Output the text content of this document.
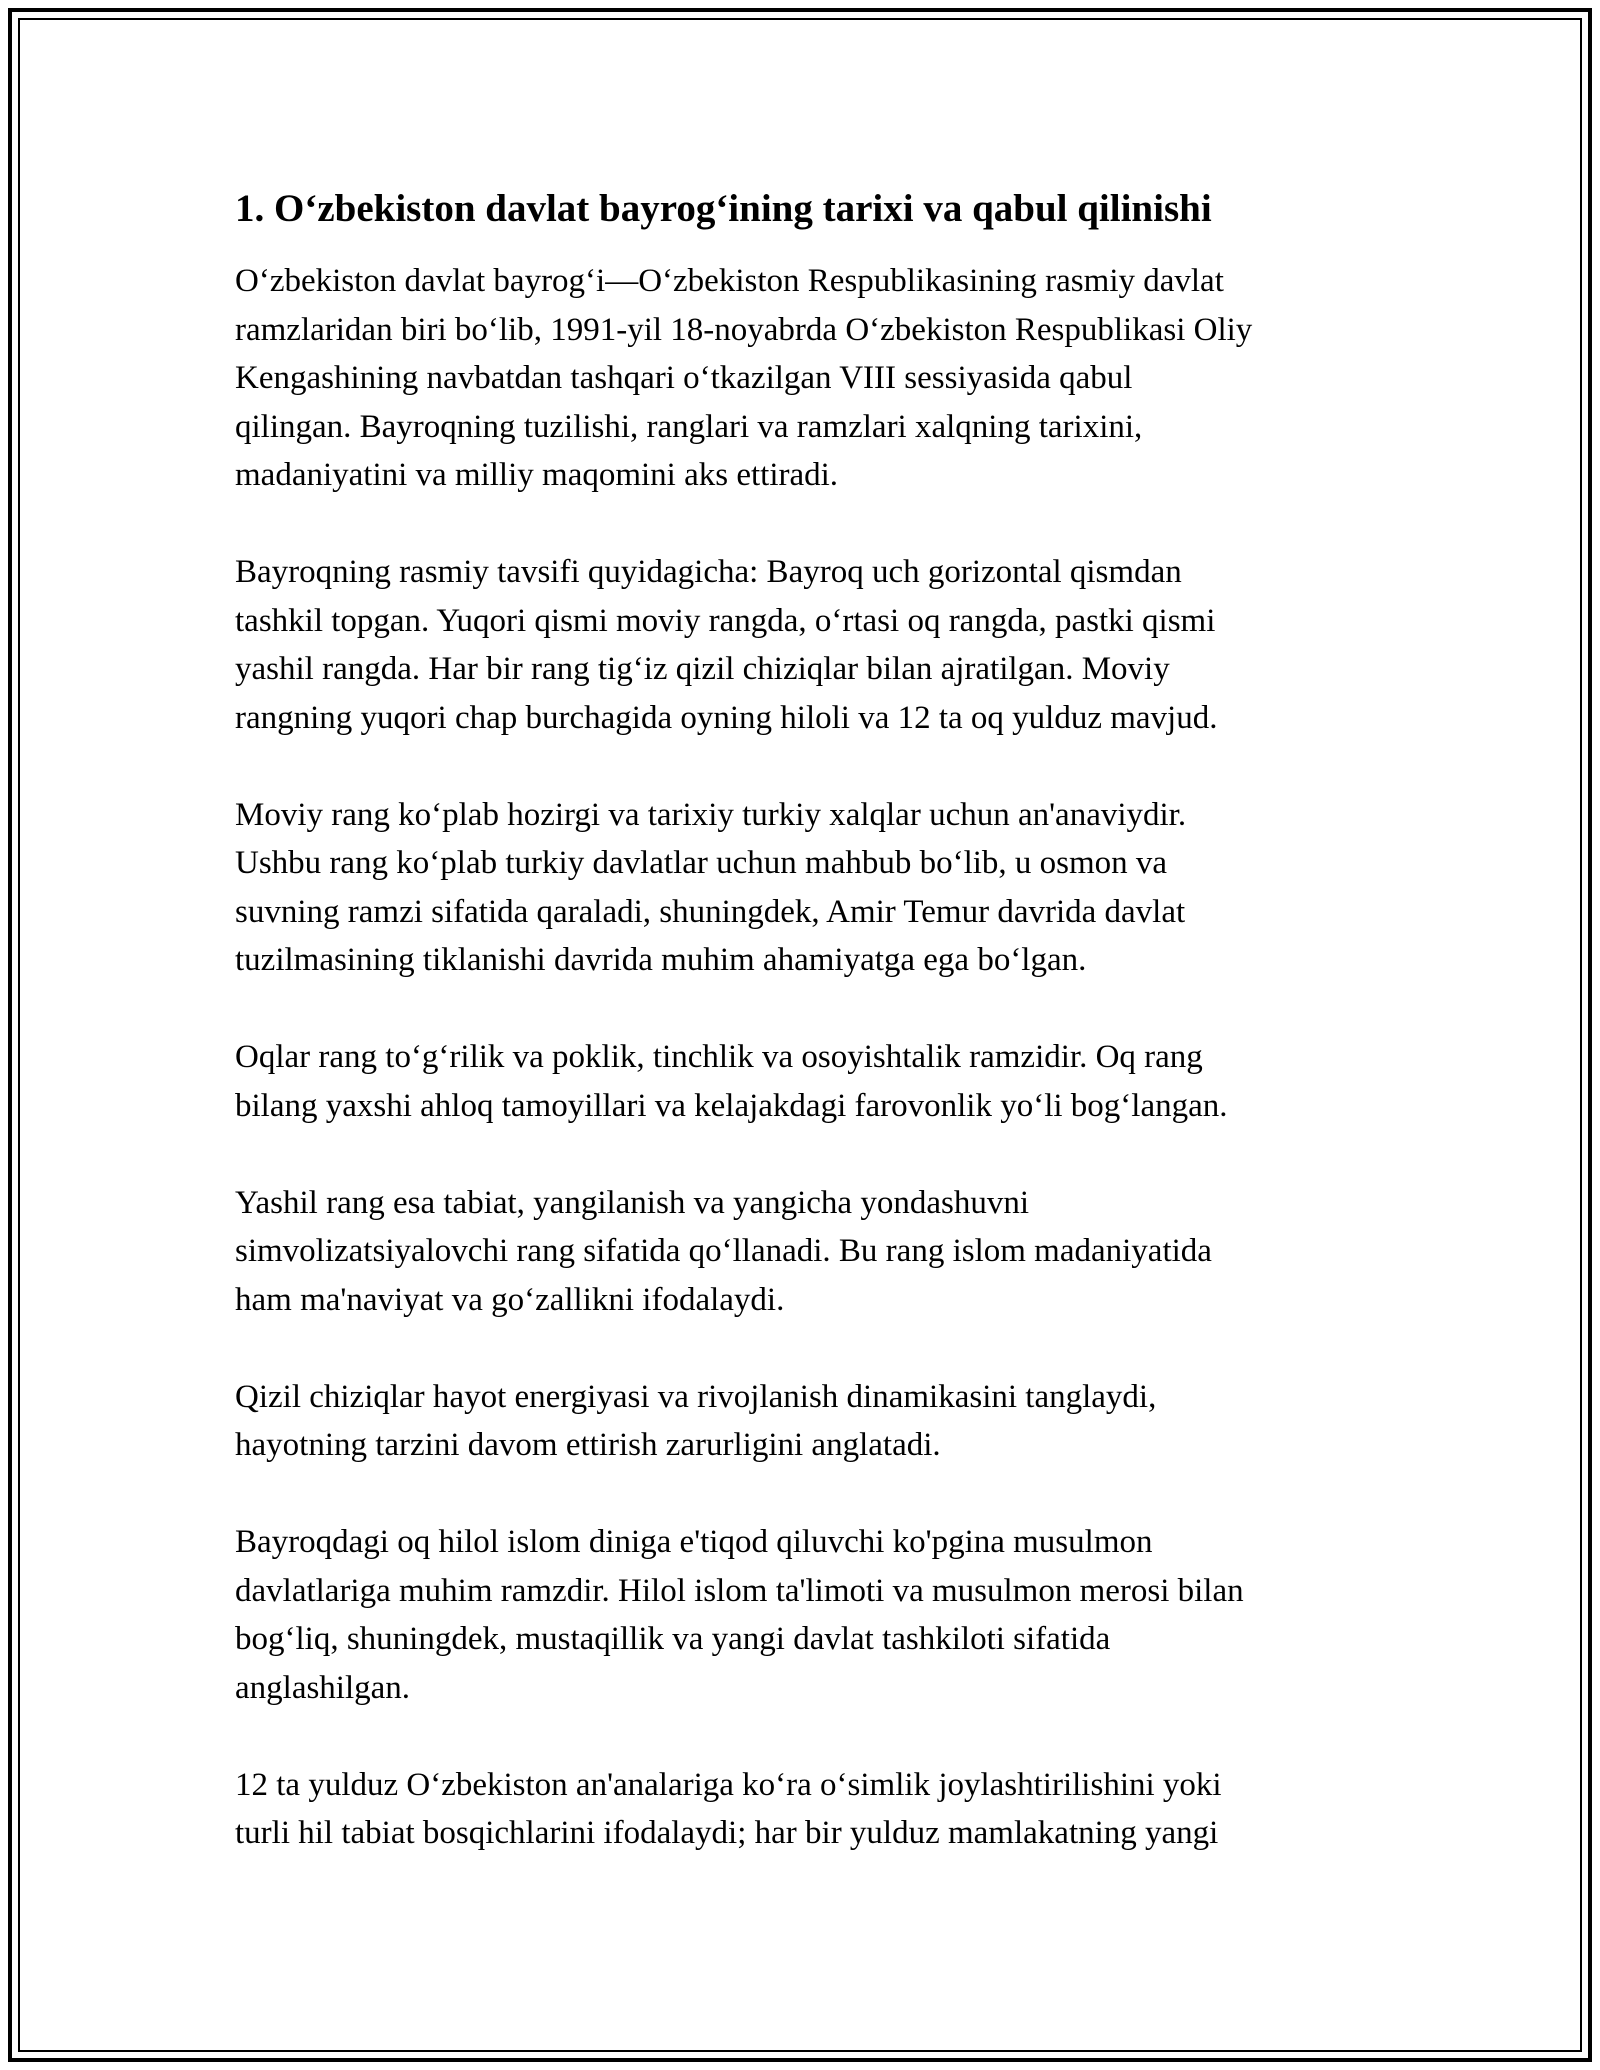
1. O‘zbekiston davlat bayrog‘ining tarixi va qabul qilinishi

O‘zbekiston davlat bayrog‘i—O‘zbekiston Respublikasining rasmiy davlat
ramzlaridan biri bo‘lib, 1991-yil 18-noyabrda O‘zbekiston Respublikasi Oliy
Kengashining navbatdan tashqari o‘tkazilgan VIII sessiyasida qabul
qilingan. Bayroqning tuzilishi, ranglari va ramzlari xalqning tarixini,
madaniyatini va milliy maqomini aks ettiradi.

Bayroqning rasmiy tavsifi quyidagicha: Bayroq uch gorizontal qismdan
tashkil topgan. Yuqori qismi moviy rangda, o‘rtasi oq rangda, pastki qismi
yashil rangda. Har bir rang tig‘iz qizil chiziqlar bilan ajratilgan. Moviy
rangning yuqori chap burchagida oyning hiloli va 12 ta oq yulduz mavjud.

Moviy rang ko‘plab hozirgi va tarixiy turkiy xalqlar uchun an'anaviydir.
Ushbu rang ko‘plab turkiy davlatlar uchun mahbub bo‘lib, u osmon va
suvning ramzi sifatida qaraladi, shuningdek, Amir Temur davrida davlat
tuzilmasining tiklanishi davrida muhim ahamiyatga ega bo‘lgan.

Oqlar rang to‘g‘rilik va poklik, tinchlik va osoyishtalik ramzidir. Oq rang
bilang yaxshi ahloq tamoyillari va kelajakdagi farovonlik yo‘li bog‘langan.

Yashil rang esa tabiat, yangilanish va yangicha yondashuvni
simvolizatsiyalovchi rang sifatida qo‘llanadi. Bu rang islom madaniyatida
ham ma'naviyat va go‘zallikni ifodalaydi.

Qizil chiziqlar hayot energiyasi va rivojlanish dinamikasini tanglaydi,
hayotning tarzini davom ettirish zarurligini anglatadi.

Bayroqdagi oq hilol islom diniga e'tiqod qiluvchi ko'pgina musulmon
davlatlariga muhim ramzdir. Hilol islom ta'limoti va musulmon merosi bilan
bog‘liq, shuningdek, mustaqillik va yangi davlat tashkiloti sifatida
anglashilgan.

12 ta yulduz O‘zbekiston an'analariga ko‘ra o‘simlik joylashtirilishini yoki
turli hil tabiat bosqichlarini ifodalaydi; har bir yulduz mamlakatning yangi
